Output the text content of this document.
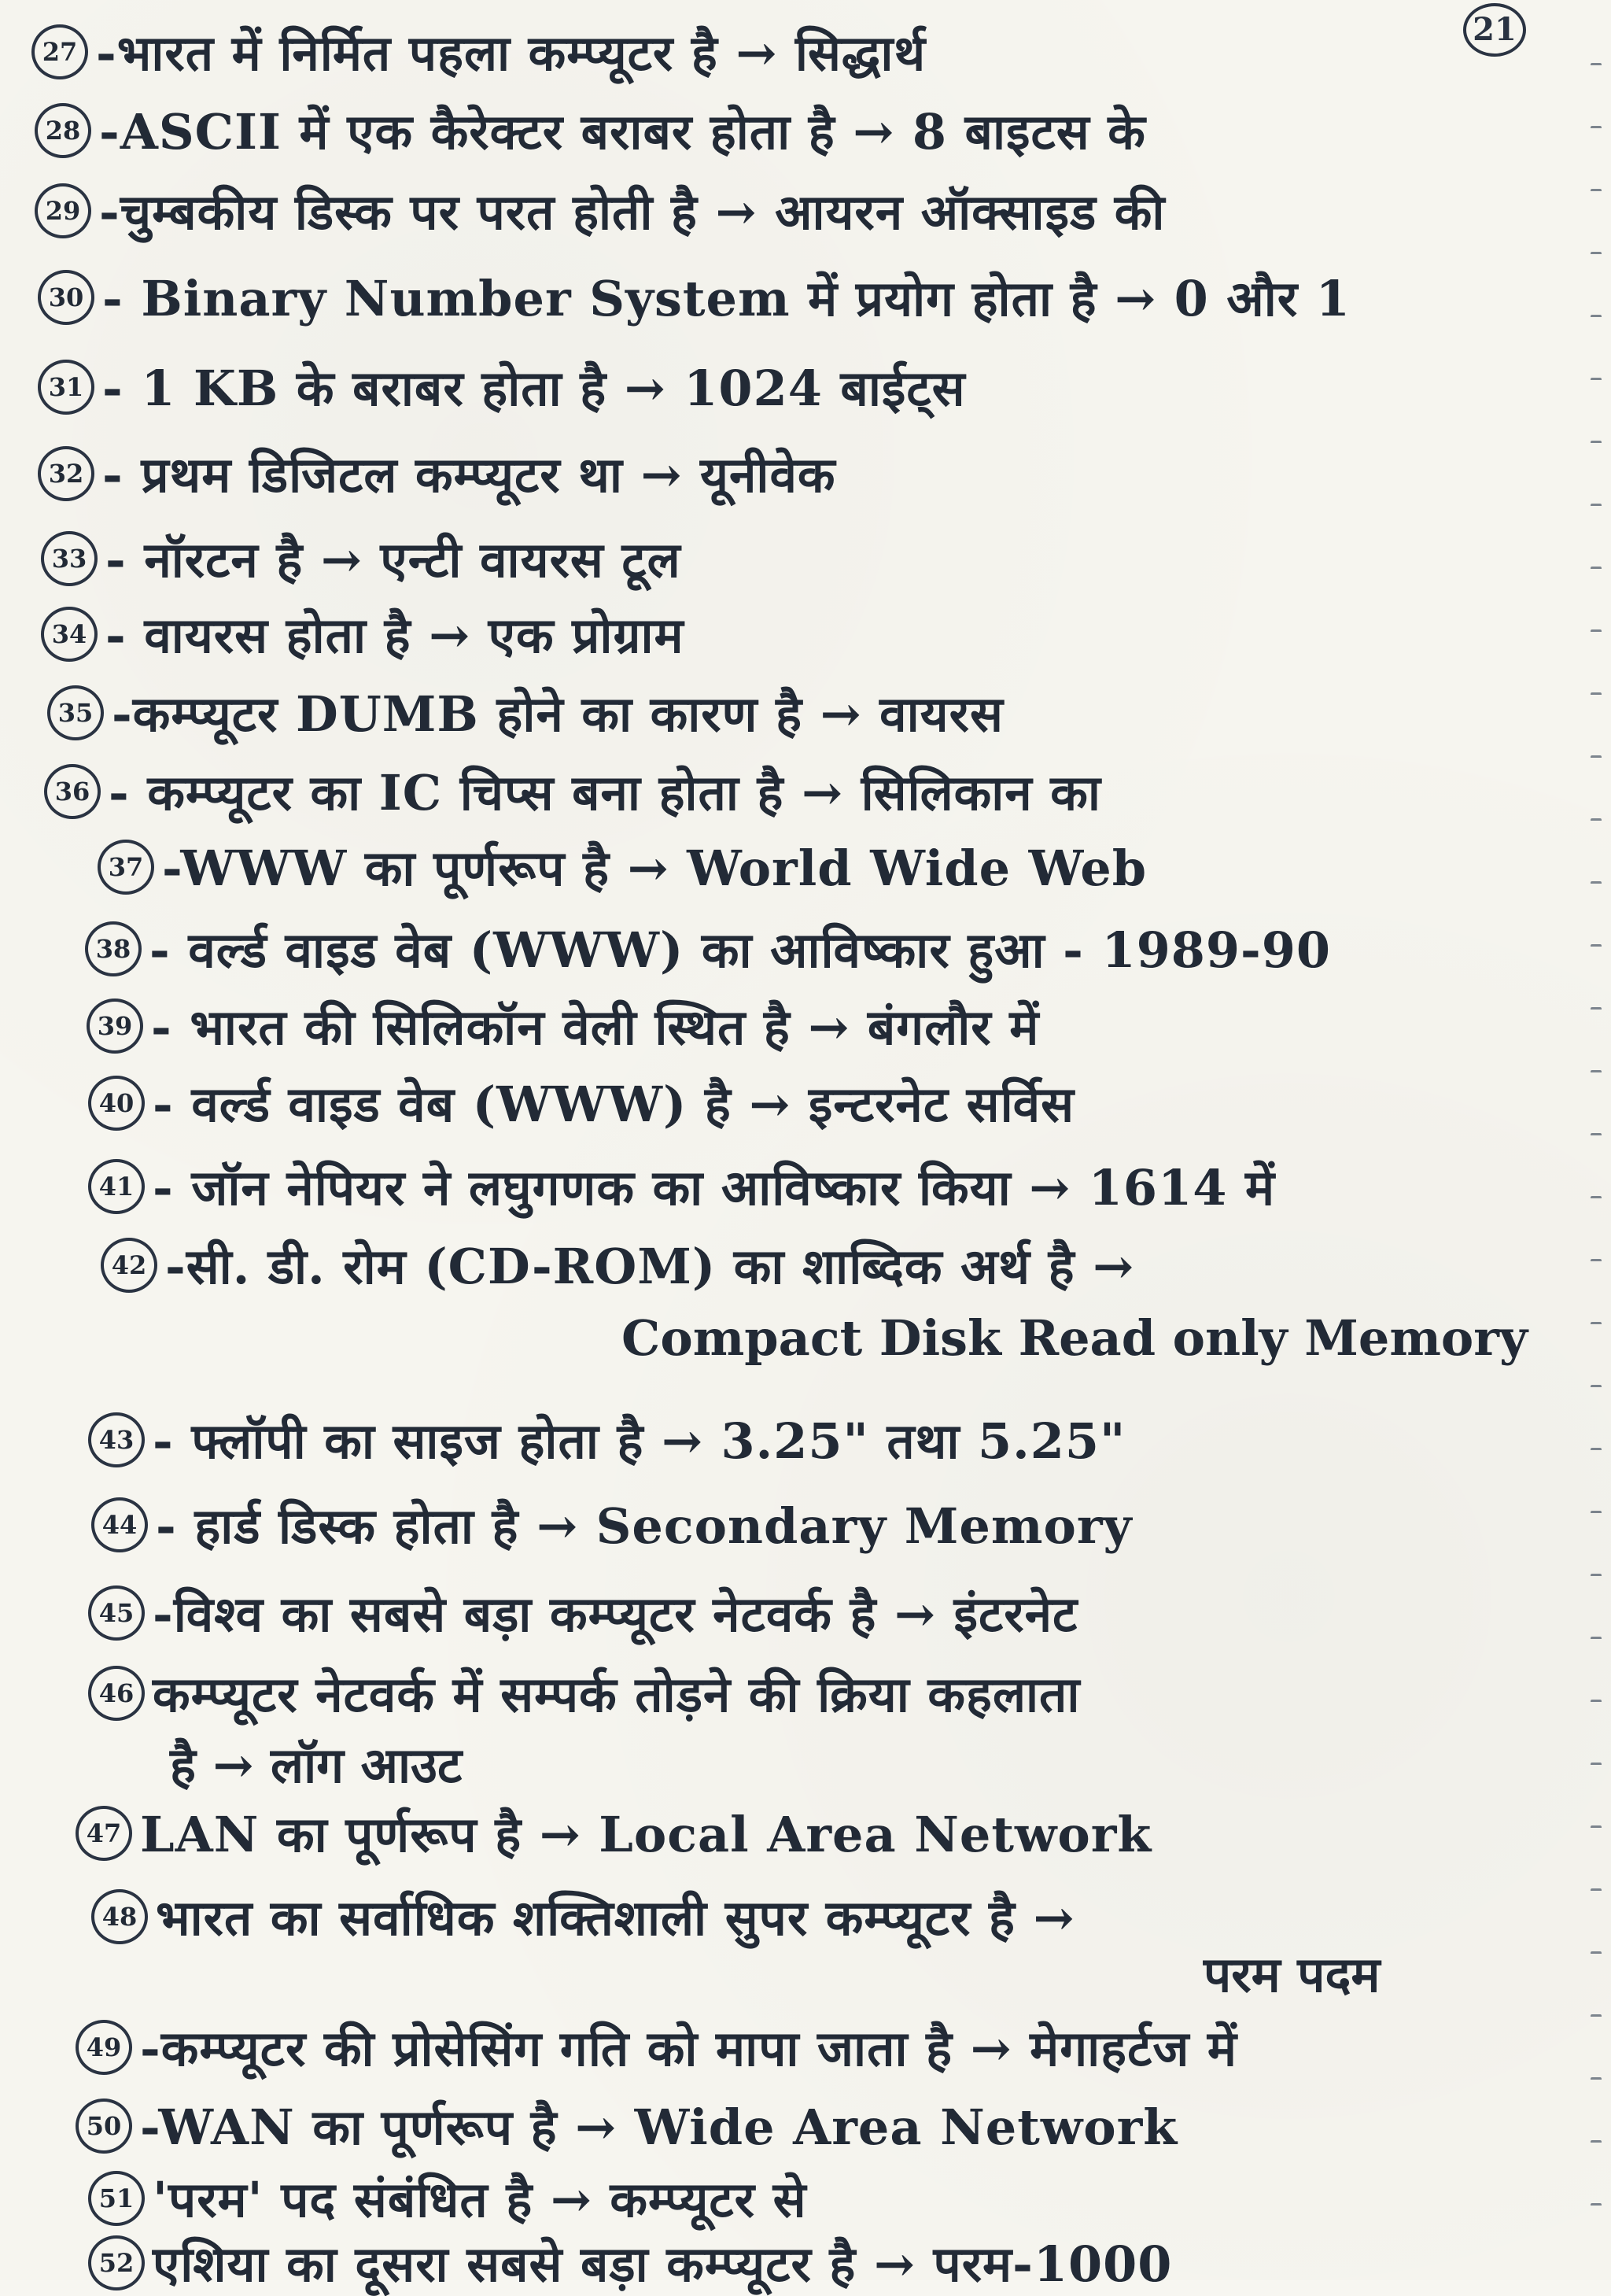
21
27 -भारत में निर्मित पहला कम्प्यूटर है → सिद्धार्थ
28 -ASCII में एक कैरेक्टर बराबर होता है → 8 बाइटस के
29 -चुम्बकीय डिस्क पर परत होती है → आयरन ऑक्साइड की
30 - Binary Number System में प्रयोग होता है → 0 और 1
31 - 1 KB के बराबर होता है → 1024 बाईट्स
32 - प्रथम डिजिटल कम्प्यूटर था → यूनीवेक
33 - नॉरटन है → एन्टी वायरस टूल
34 - वायरस होता है → एक प्रोग्राम
35 -कम्प्यूटर DUMB होने का कारण है → वायरस
36 - कम्प्यूटर का IC चिप्स बना होता है → सिलिकान का
37 -WWW का पूर्णरूप है → World Wide Web
38 - वर्ल्ड वाइड वेब (WWW) का आविष्कार हुआ - 1989-90
39 - भारत की सिलिकॉन वेली स्थित है → बंगलौर में
40 - वर्ल्ड वाइड वेब (WWW) है → इन्टरनेट सर्विस
41 - जॉन नेपियर ने लघुगणक का आविष्कार किया → 1614 में
42 -सी. डी. रोम (CD-ROM) का शाब्दिक अर्थ है →
Compact Disk Read only Memory
43 - फ्लॉपी का साइज होता है → 3.25" तथा 5.25"
44 - हार्ड डिस्क होता है → Secondary Memory
45 -विश्व का सबसे बड़ा कम्प्यूटर नेटवर्क है → इंटरनेट
46 कम्प्यूटर नेटवर्क में सम्पर्क तोड़ने की क्रिया कहलाता
है → लॉग आउट
47 LAN का पूर्णरूप है → Local Area Network
48 भारत का सर्वाधिक शक्तिशाली सुपर कम्प्यूटर है →
परम पदम
49 -कम्प्यूटर की प्रोसेसिंग गति को मापा जाता है → मेगाहर्टज में
50 -WAN का पूर्णरूप है → Wide Area Network
51 'परम' पद संबंधित है → कम्प्यूटर से
52 एशिया का दूसरा सबसे बड़ा कम्प्यूटर है → परम-1000
